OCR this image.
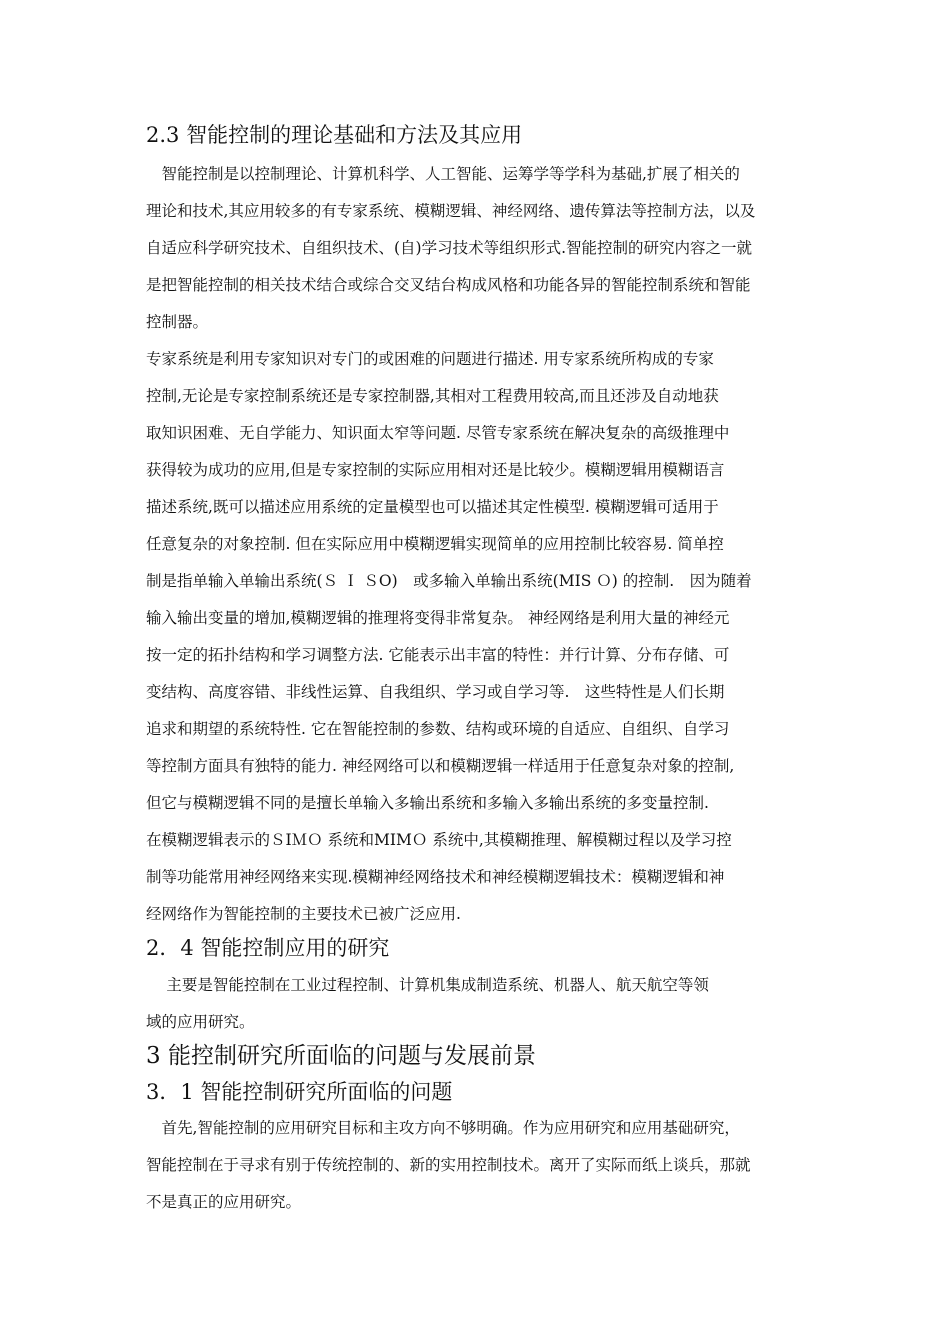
2.3 智能控制的理论基础和方法及其应用

　智能控制是以控制理论、计算机科学、人工智能、运筹学等学科为基础,扩展了相关的

理论和技术,其应用较多的有专家系统、模糊逻辑、神经网络、遗传算法等控制方法，以及

自适应科学研究技术、自组织技术、(自)学习技术等组织形式.智能控制的研究内容之一就

是把智能控制的相关技术结合或综合交叉结台构成风格和功能各异的智能控制系统和智能

控制器。

专家系统是利用专家知识对专门的或困难的问题进行描述. 用专家系统所构成的专家

控制,无论是专家控制系统还是专家控制器,其相对工程费用较高,而且还涉及自动地获

取知识困难、无自学能力、知识面太窄等问题. 尽管专家系统在解决复杂的高级推理中

获得较为成功的应用,但是专家控制的实际应用相对还是比较少。模糊逻辑用模糊语言

描述系统,既可以描述应用系统的定量模型也可以描述其定性模型. 模糊逻辑可适用于

任意复杂的对象控制. 但在实际应用中模糊逻辑实现简单的应用控制比较容易. 简单控

制是指单输入单输出系统(Ｓ Ｉ ＳO)　或多输入单输出系统(MIS Ｏ) 的控制.　因为随着

输入输出变量的增加,模糊逻辑的推理将变得非常复杂。 神经网络是利用大量的神经元

按一定的拓扑结构和学习调整方法. 它能表示出丰富的特性：并行计算、分布存储、可

变结构、高度容错、非线性运算、自我组织、学习或自学习等.　这些特性是人们长期

追求和期望的系统特性. 它在智能控制的参数、结构或环境的自适应、自组织、自学习

等控制方面具有独特的能力. 神经网络可以和模糊逻辑一样适用于任意复杂对象的控制,

但它与模糊逻辑不同的是擅长单输入多输出系统和多输入多输出系统的多变量控制.

在模糊逻辑表示的ＳIＭＯ 系统和MIMＯ 系统中,其模糊推理、解模糊过程以及学习控

制等功能常用神经网络来实现.模糊神经网络技术和神经模糊逻辑技术：模糊逻辑和神

经网络作为智能控制的主要技术已被广泛应用.

2．4 智能控制应用的研究

　 主要是智能控制在工业过程控制、计算机集成制造系统、机器人、航天航空等领

域的应用研究。

3 能控制研究所面临的问题与发展前景
3．1 智能控制研究所面临的问题

　首先,智能控制的应用研究目标和主攻方向不够明确。作为应用研究和应用基础研究，

智能控制在于寻求有别于传统控制的、新的实用控制技术。离开了实际而纸上谈兵，那就

不是真正的应用研究。
